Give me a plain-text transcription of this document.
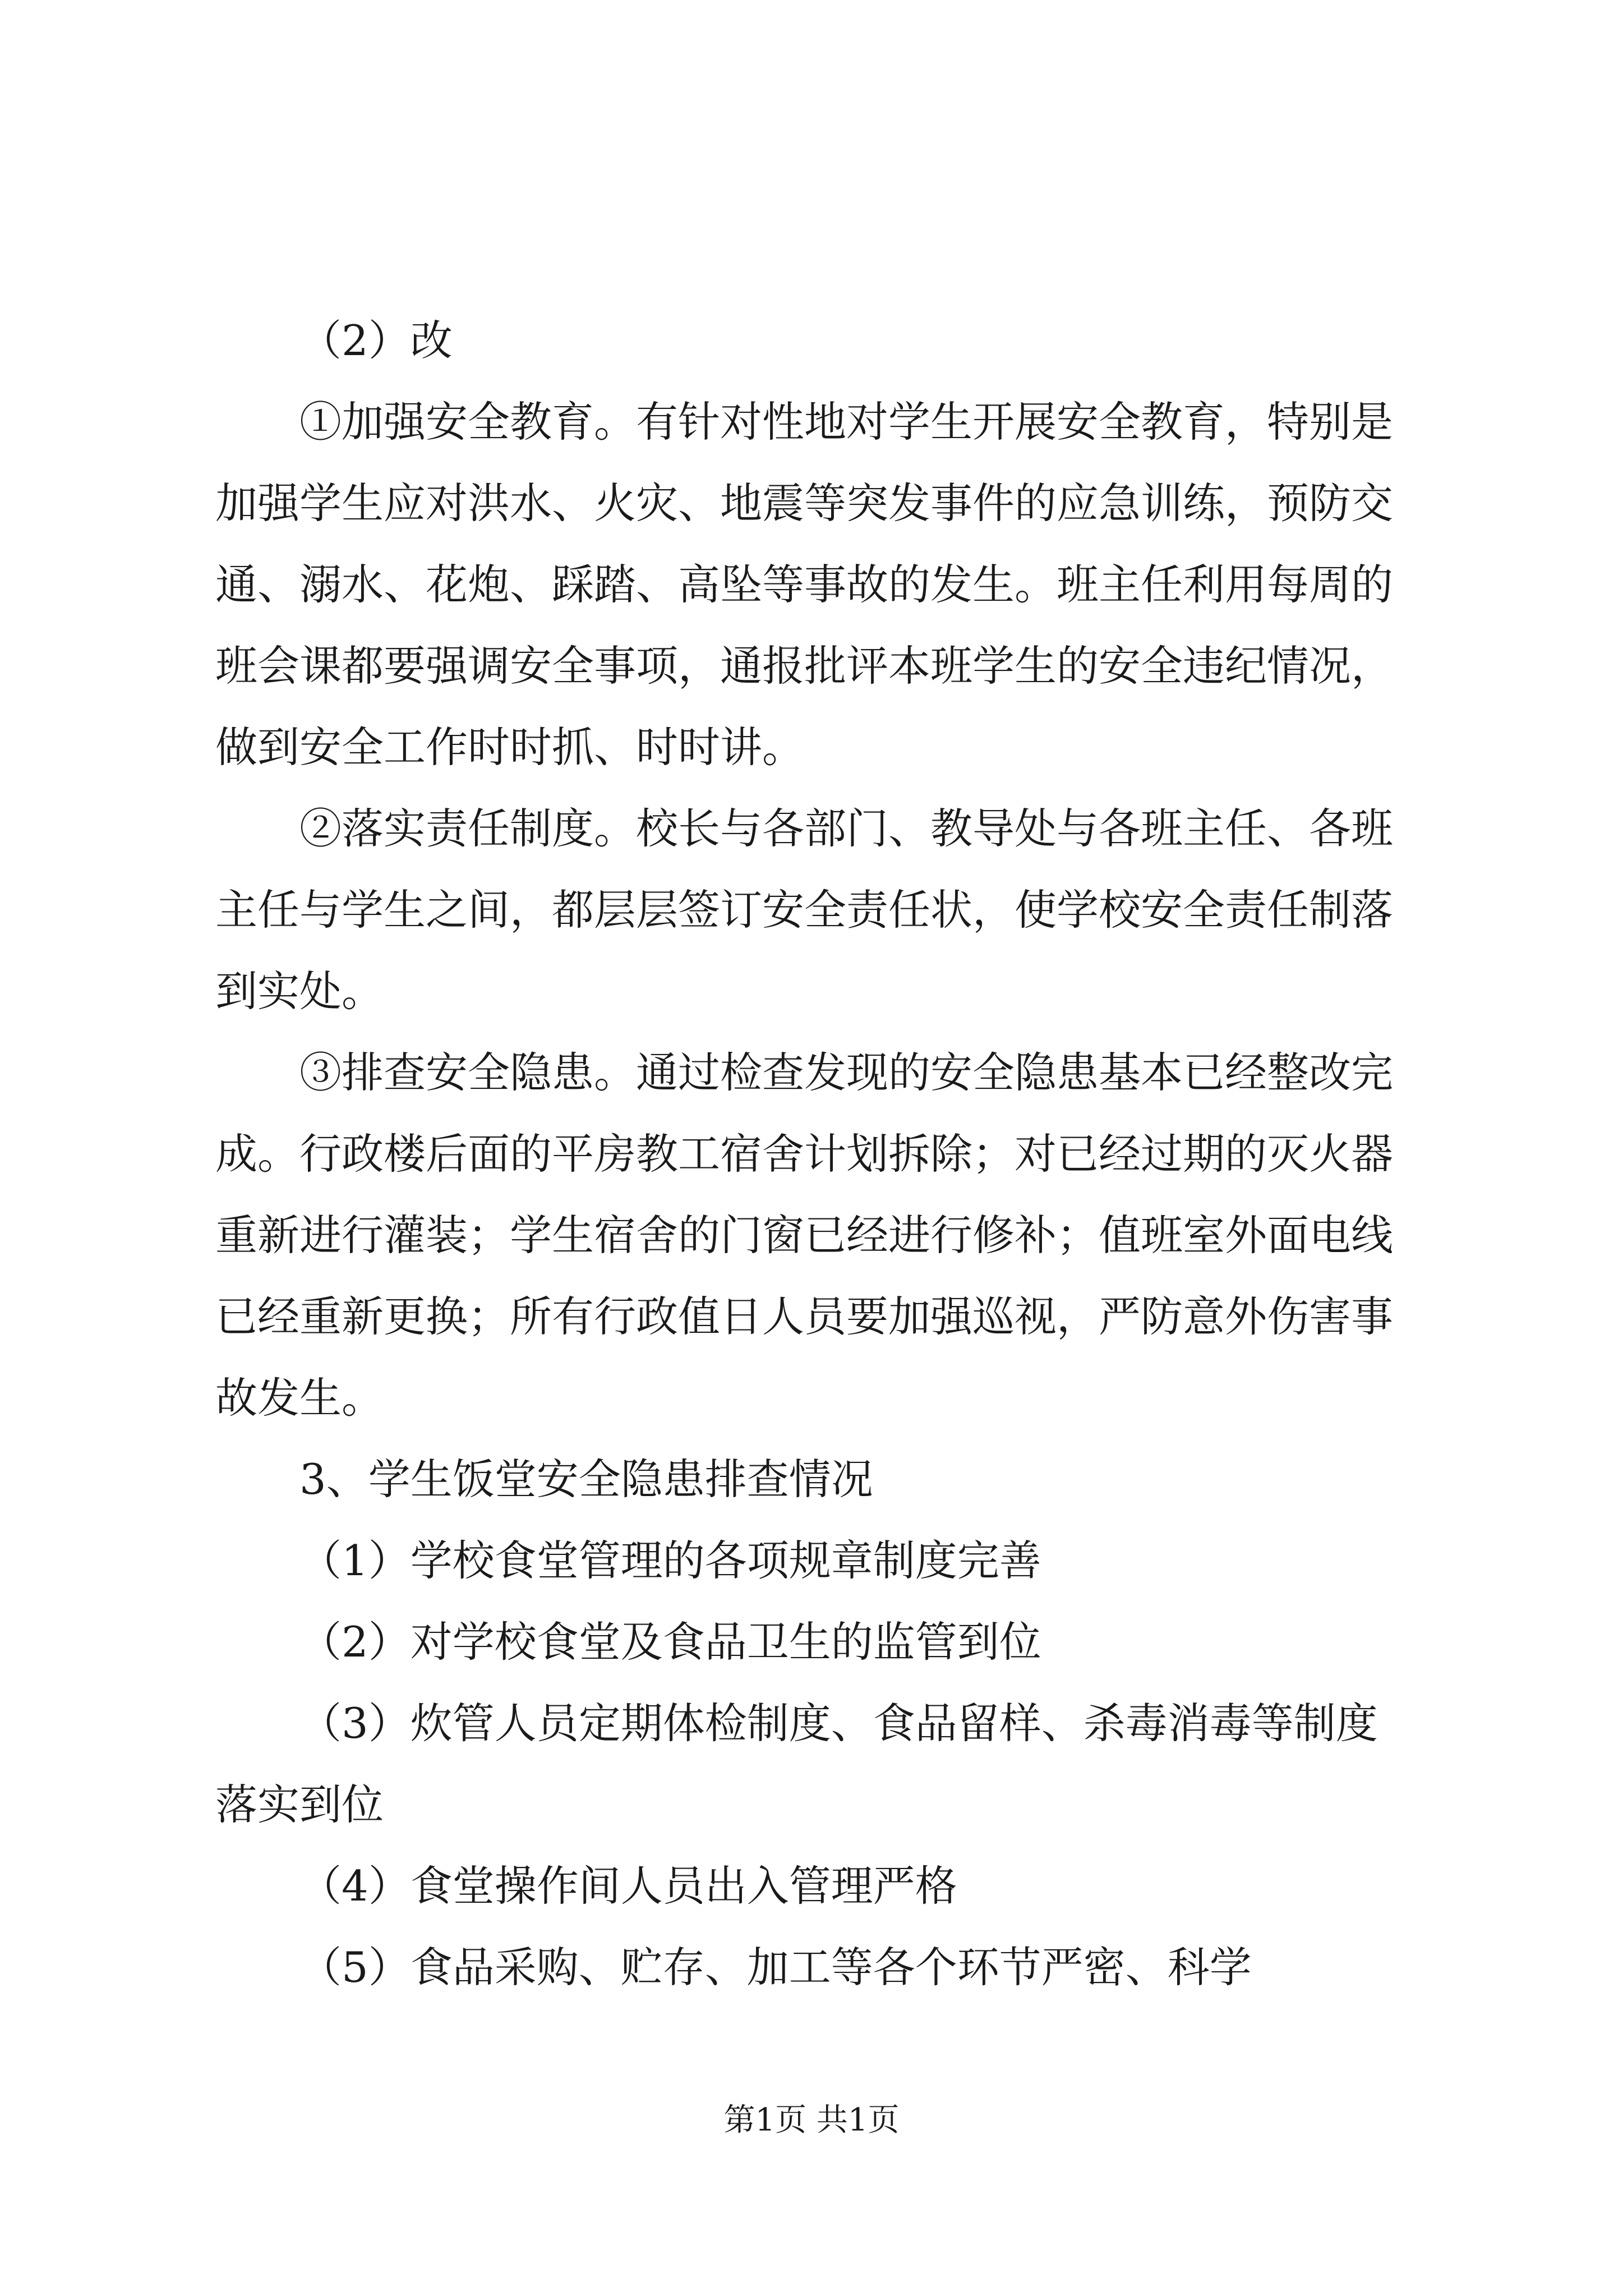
（2）改
①加强安全教育。有针对性地对学生开展安全教育，特别是
加强学生应对洪水、火灾、地震等突发事件的应急训练，预防交
通、溺水、花炮、踩踏、高坠等事故的发生。班主任利用每周的
班会课都要强调安全事项，通报批评本班学生的安全违纪情况，
做到安全工作时时抓、时时讲。
②落实责任制度。校长与各部门、教导处与各班主任、各班
主任与学生之间，都层层签订安全责任状，使学校安全责任制落
到实处。
③排查安全隐患。通过检查发现的安全隐患基本已经整改完
成。行政楼后面的平房教工宿舍计划拆除；对已经过期的灭火器
重新进行灌装；学生宿舍的门窗已经进行修补；值班室外面电线
已经重新更换；所有行政值日人员要加强巡视，严防意外伤害事
故发生。
3、学生饭堂安全隐患排查情况
（1）学校食堂管理的各项规章制度完善
（2）对学校食堂及食品卫生的监管到位
（3）炊管人员定期体检制度、食品留样、杀毒消毒等制度
落实到位
（4）食堂操作间人员出入管理严格
（5）食品采购、贮存、加工等各个环节严密、科学
第1页 共1页
